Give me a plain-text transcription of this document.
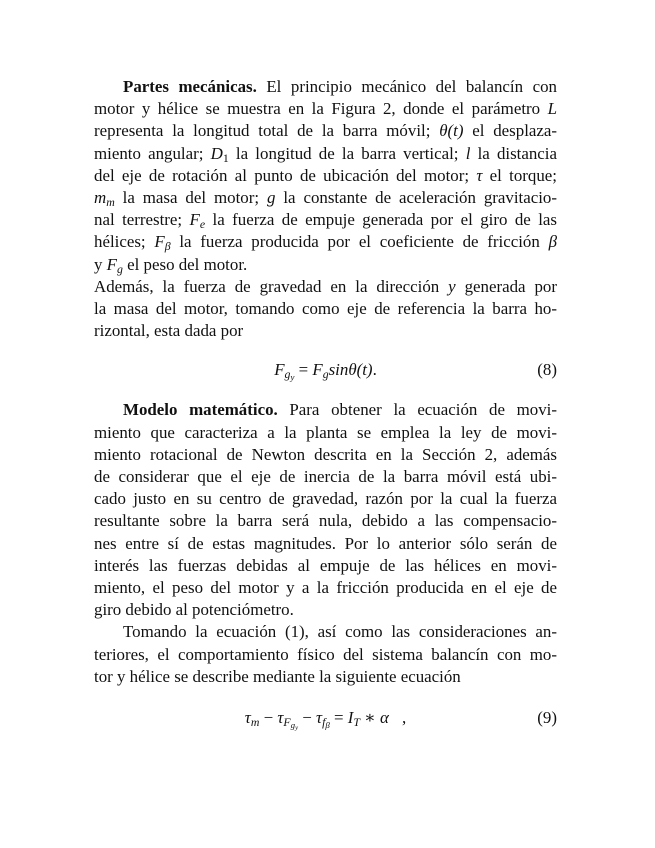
Partes mecánicas. El principio mecánico del balancín con
motor y hélice se muestra en la Figura 2, donde el parámetro L
representa la longitud total de la barra móvil; θ(t) el desplaza-
miento angular; $D_1$ la longitud de la barra vertical; l la distancia
del eje de rotación al punto de ubicación del motor; τ el torque;
$m_m$ la masa del motor; g la constante de aceleración gravitacio-
nal terrestre; $F_e$ la fuerza de empuje generada por el giro de las
hélices; $F_\beta$ la fuerza producida por el coeficiente de fricción β
y $F_g$ el peso del motor.
Además, la fuerza de gravedad en la dirección y generada por
la masa del motor, tomando como eje de referencia la barra ho-
rizontal, esta dada por
$F_{g_y} = F_g\sin\theta(t)$.	(8)
Modelo matemático. Para obtener la ecuación de movi-
miento que caracteriza a la planta se emplea la ley de movi-
miento rotacional de Newton descrita en la Sección 2, además
de considerar que el eje de inercia de la barra móvil está ubi-
cado justo en su centro de gravedad, razón por la cual la fuerza
resultante sobre la barra será nula, debido a las compensacio-
nes entre sí de estas magnitudes. Por lo anterior sólo serán de
interés las fuerzas debidas al empuje de las hélices en movi-
miento, el peso del motor y a la fricción producida en el eje de
giro debido al potenciómetro.
Tomando la ecuación (1), así como las consideraciones an-
teriores, el comportamiento físico del sistema balancín con mo-
tor y hélice se describe mediante la siguiente ecuación
$\tau_m - \tau_{F_{g_y}} - \tau_{f_\beta} = I_T$ ∗ α⃗,	(9)
